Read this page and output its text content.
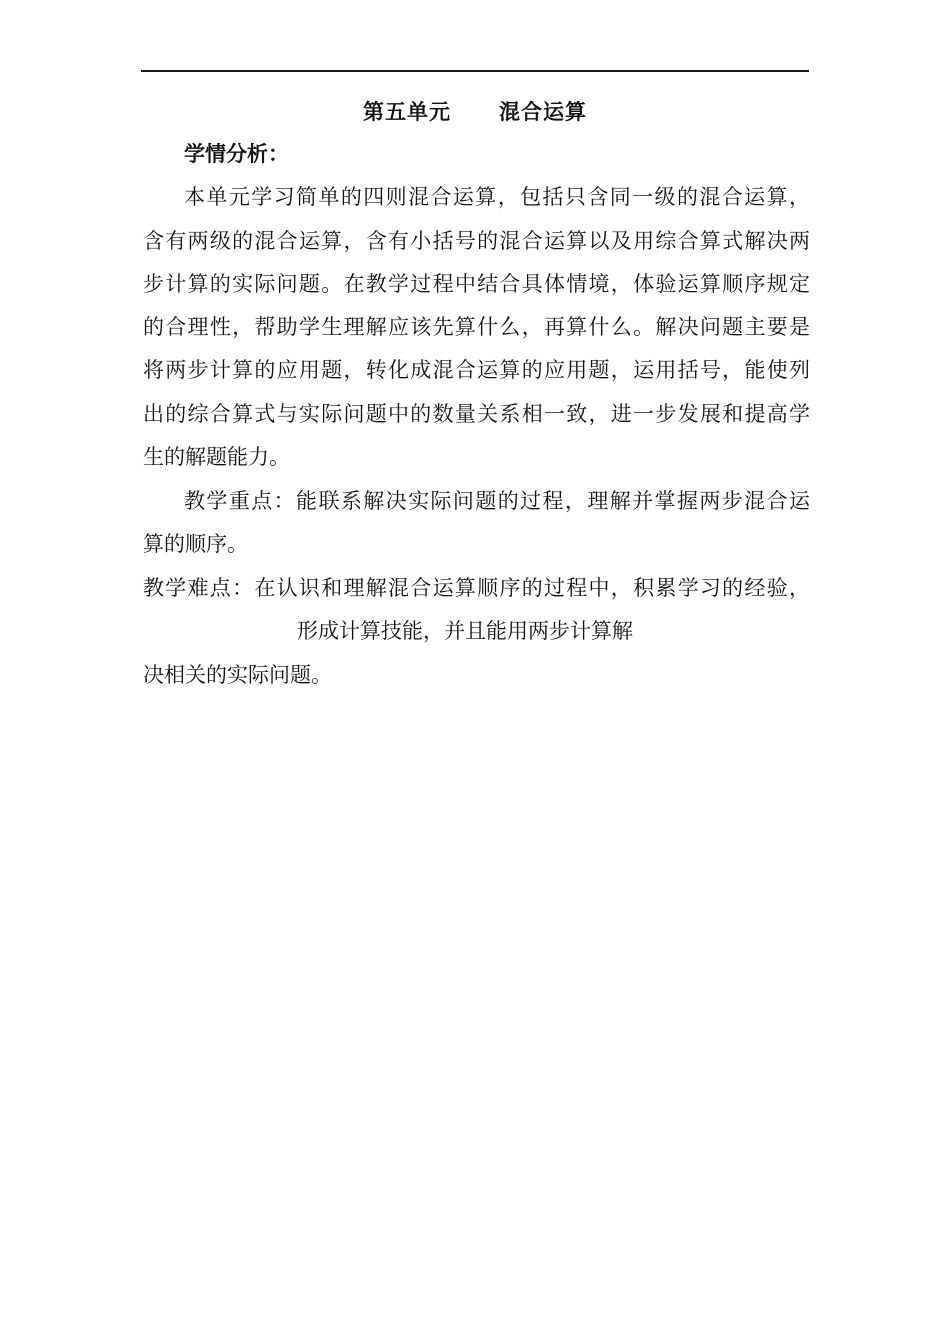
第五单元 混合运算
学情分析：
本单元学习简单的四则混合运算，包括只含同一级的混合运算，
含有两级的混合运算，含有小括号的混合运算以及用综合算式解决两
步计算的实际问题。在教学过程中结合具体情境，体验运算顺序规定
的合理性，帮助学生理解应该先算什么，再算什么。解决问题主要是
将两步计算的应用题，转化成混合运算的应用题，运用括号，能使列
出的综合算式与实际问题中的数量关系相一致，进一步发展和提高学
生的解题能力。
教学重点：能联系解决实际问题的过程，理解并掌握两步混合运
算的顺序。
教学难点：在认识和理解混合运算顺序的过程中，积累学习的经验，
形成计算技能，并且能用两步计算解
决相关的实际问题。
